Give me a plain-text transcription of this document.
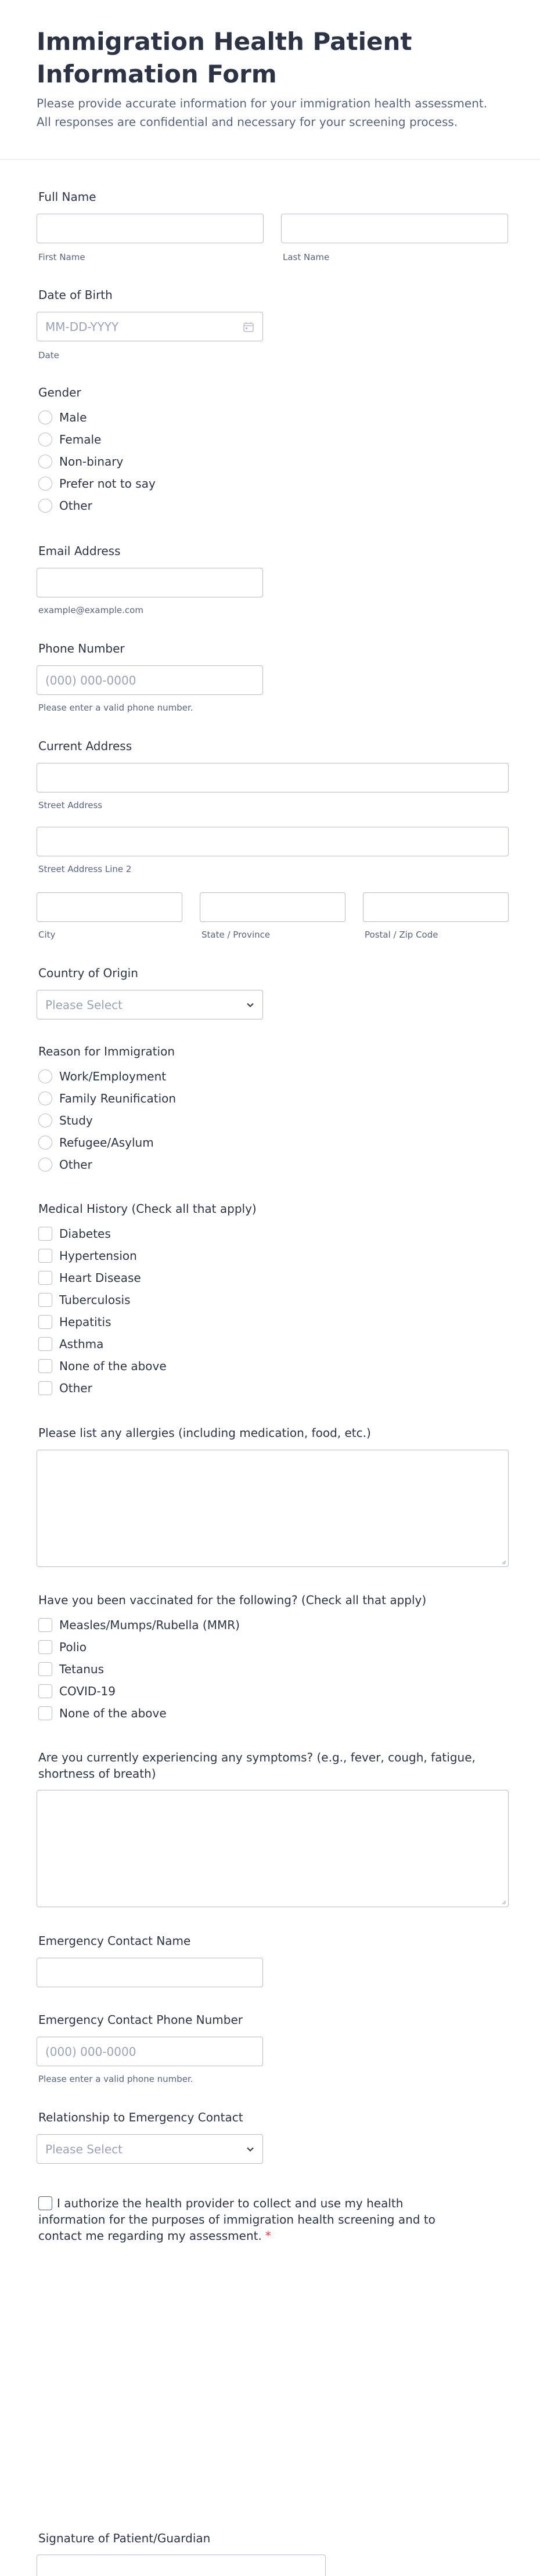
Immigration Health Patient Information Form
Please provide accurate information for your immigration health assessment. All responses are confidential and necessary for your screening process.
Full Name
First Name	Last Name
Date of Birth
MM-DD-YYYY
Date
Gender
Male
Female
Non-binary
Prefer not to say
Other
Email Address
example@example.com
Phone Number
(000) 000-0000
Please enter a valid phone number.
Current Address
Street Address
Street Address Line 2
City	State / Province	Postal / Zip Code
Country of Origin
Please Select
Reason for Immigration
Work/Employment
Family Reunification
Study
Refugee/Asylum
Other
Medical History (Check all that apply)
Diabetes
Hypertension
Heart Disease
Tuberculosis
Hepatitis
Asthma
None of the above
Other
Please list any allergies (including medication, food, etc.)
Have you been vaccinated for the following? (Check all that apply)
Measles/Mumps/Rubella (MMR)
Polio
Tetanus
COVID-19
None of the above
Are you currently experiencing any symptoms? (e.g., fever, cough, fatigue, shortness of breath)
Emergency Contact Name
Emergency Contact Phone Number
(000) 000-0000
Please enter a valid phone number.
Relationship to Emergency Contact
Please Select
I authorize the health provider to collect and use my health information for the purposes of immigration health screening and to contact me regarding my assessment. *
Signature of Patient/Guardian
